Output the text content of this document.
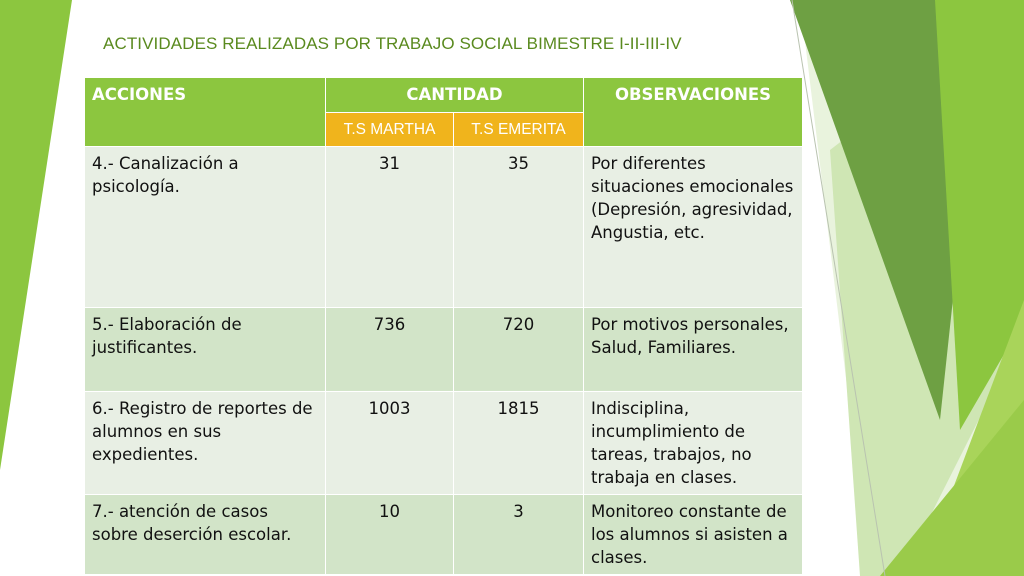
ACTIVIDADES REALIZADAS POR TRABAJO SOCIAL BIMESTRE I-II-III-IV
ACCIONES	CANTIDAD		OBSERVACIONES
	T.S MARTHA	T.S EMERITA	
4.- Canalización a psicología.	31	35	Por diferentes situaciones emocionales (Depresión, agresividad, Angustia, etc.
5.- Elaboración de justificantes.	736	720	Por motivos personales, Salud, Familiares.
6.- Registro de reportes de alumnos en sus expedientes.	1003	1815	Indisciplina, incumplimiento de tareas, trabajos, no trabaja en clases.
7.- atención de casos sobre deserción escolar.	10	3	Monitoreo constante de los alumnos si asisten a clases.
